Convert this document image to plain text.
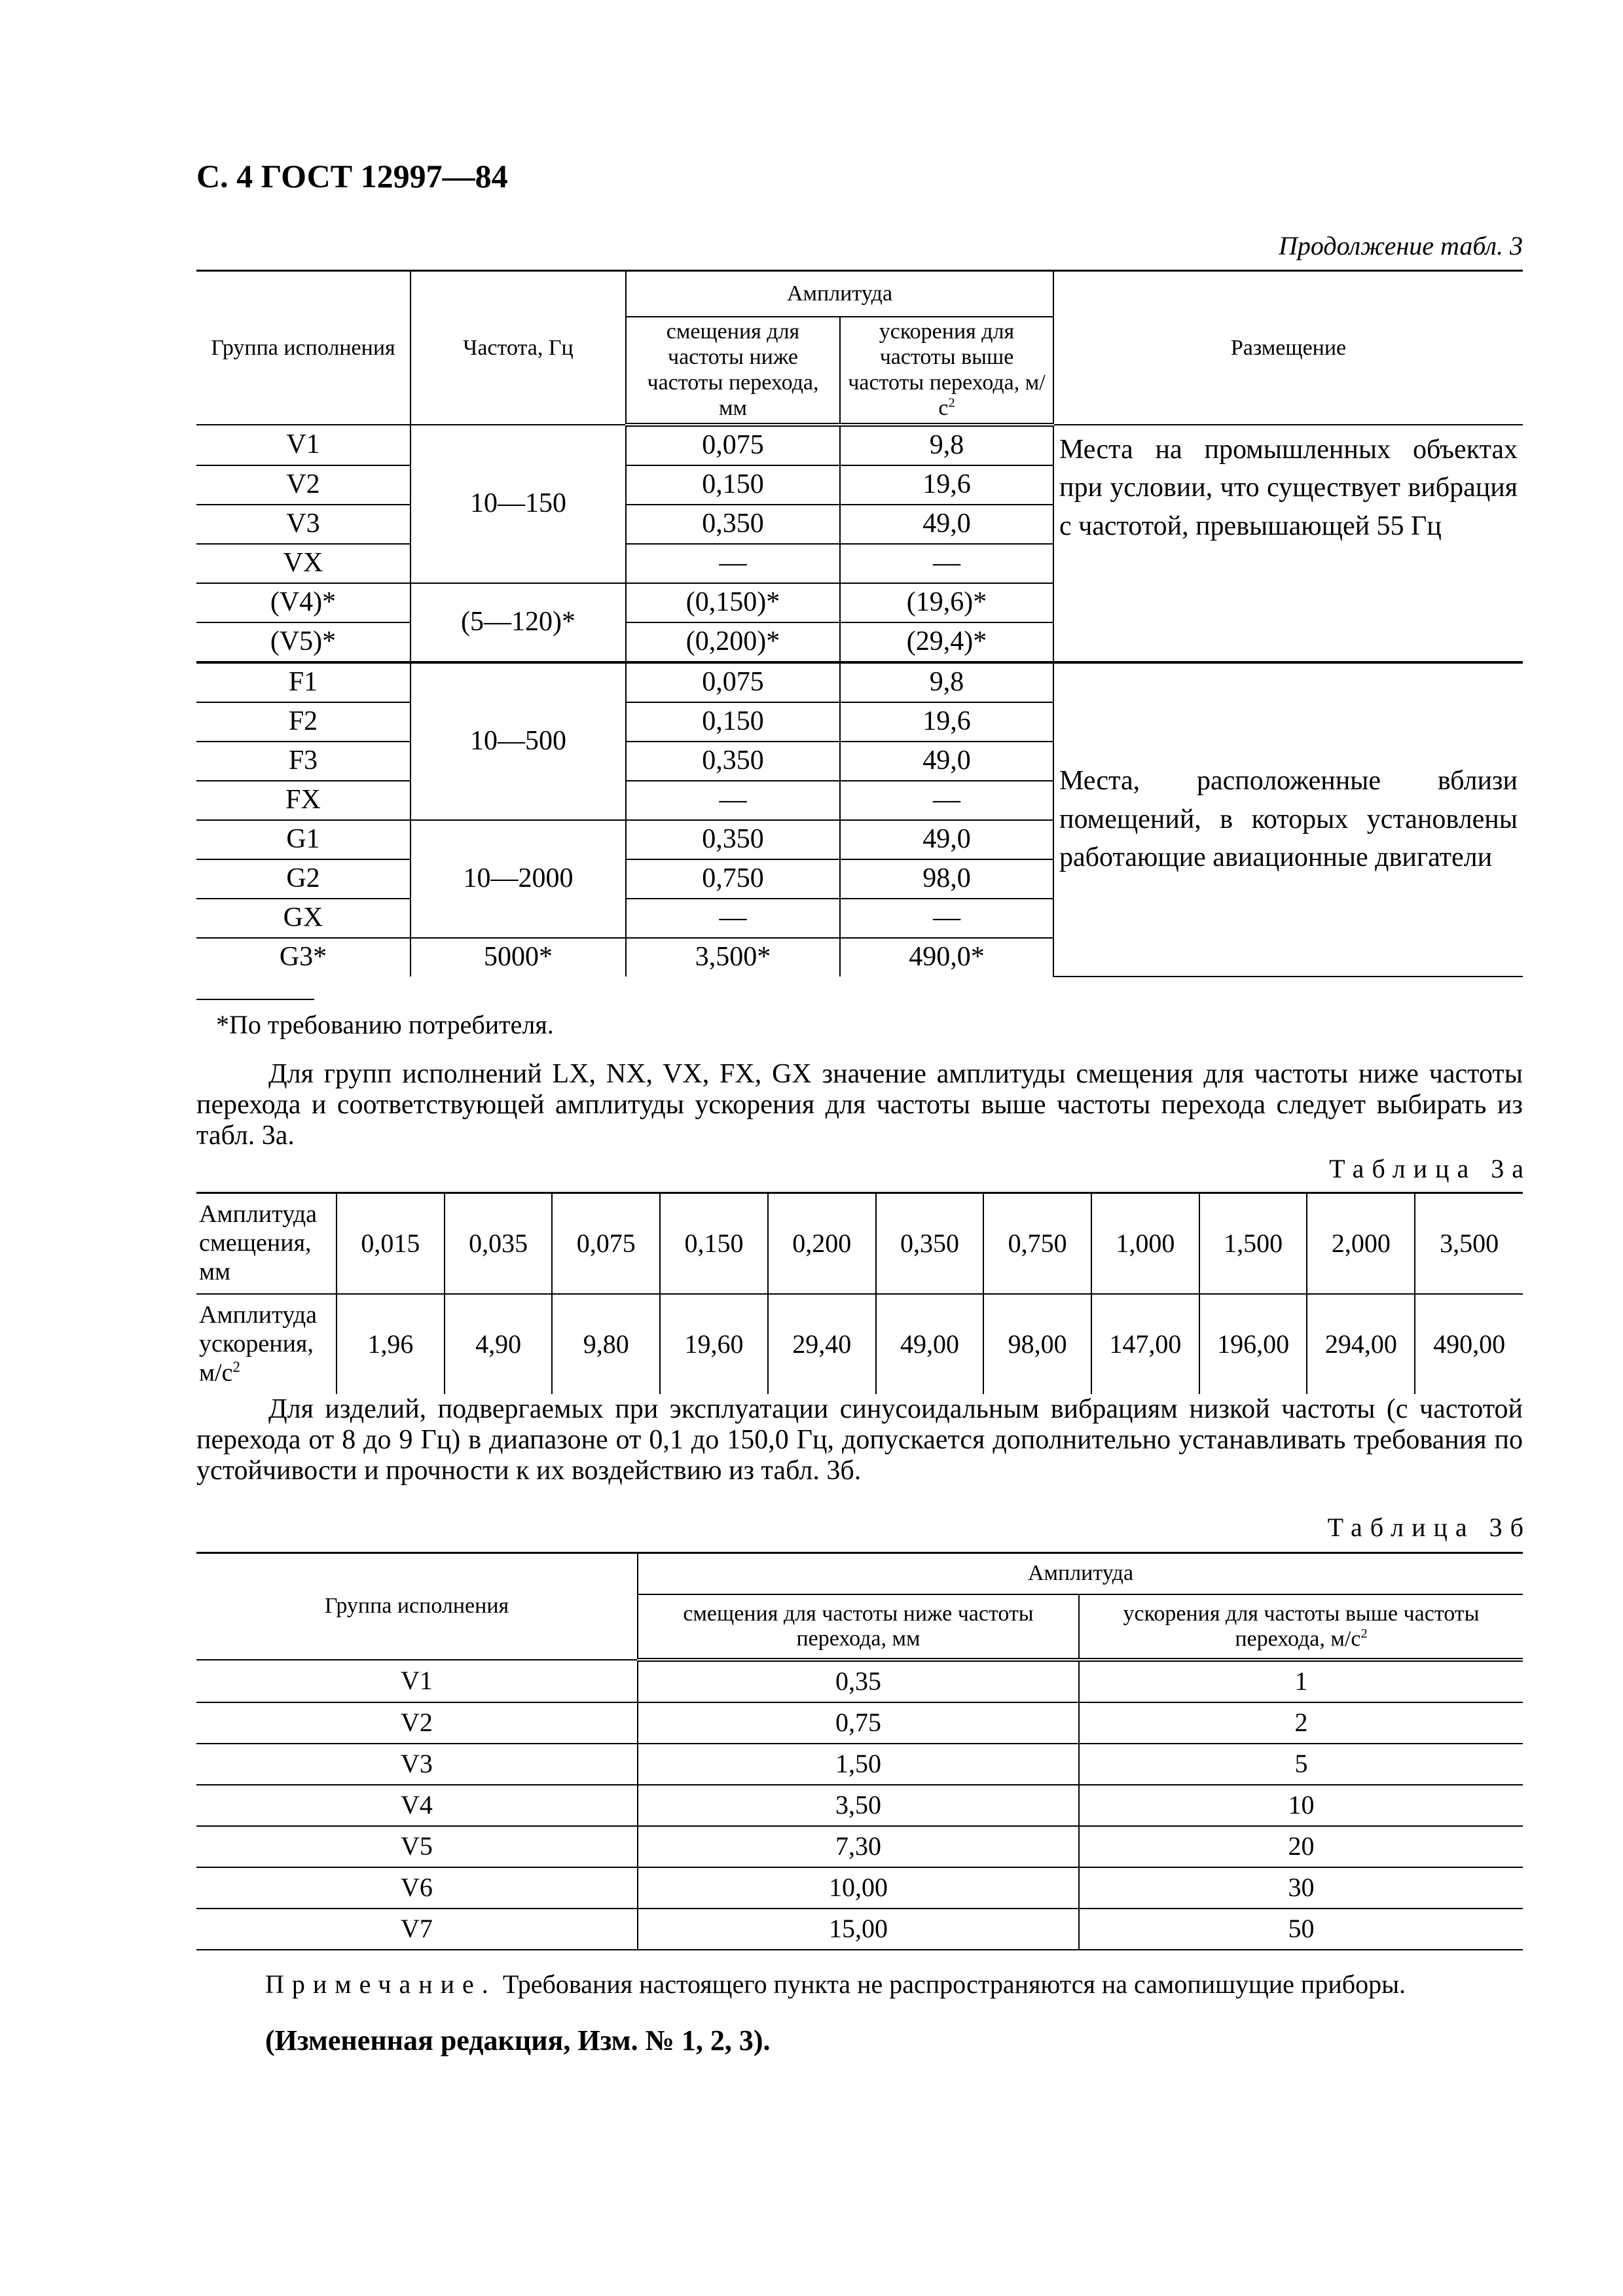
С. 4 ГОСТ 12997—84
Продолжение табл. 3
Группа исполнения	Частота, Гц	Амплитуда		Размещение
		смещения для частоты ниже частоты перехода, мм	ускорения для частоты выше частоты перехода, $м/с^2$
V1	10—150	0,075	9,8	Места на промышленных объектах при условии, что существует вибрация с частотой, превышающей 55 Гц
V2		0,150	19,6	
V3		0,350	49,0	
VX		—	—	
(V4)*	(5—120)*	(0,150)*	(19,6)*	
(V5)*		(0,200)*	(29,4)*	
F1	10—500	0,075	9,8	Места, расположенные вблизи помещений, в которых установлены работающие авиационные двигатели
F2		0,150	19,6	
F3		0,350	49,0	
FX		—	—	
G1	10—2000	0,350	49,0	
G2		0,750	98,0	
GX		—	—	
G3*	5000*	3,500*	490,0*	
*По требованию потребителя.
Для групп исполнений LX, NX, VX, FX, GX значение амплитуды смещения для частоты ниже частоты перехода и соответствующей амплитуды ускорения для частоты выше частоты перехода следует выбирать из табл. 3а.
Таблица 3а
Амплитуда смещения, мм	0,015	0,035	0,075	0,150	0,200	0,350	0,750	1,000	1,500	2,000	3,500
Амплитуда ускорения, $м/с^2$	1,96	4,90	9,80	19,60	29,40	49,00	98,00	147,00	196,00	294,00	490,00
Для изделий, подвергаемых при эксплуатации синусоидальным вибрациям низкой частоты (с частотой перехода от 8 до 9 Гц) в диапазоне от 0,1 до 150,0 Гц, допускается дополнительно устанавливать требования по устойчивости и прочности к их воздействию из табл. 3б.
Таблица 3б
Группа исполнения	Амплитуда	
	смещения для частоты ниже частоты перехода, мм	ускорения для частоты выше частоты перехода, $м/с^2$
V1	0,35	1
V2	0,75	2
V3	1,50	5
V4	3,50	10
V5	7,30	20
V6	10,00	30
V7	15,00	50
Примечание. Требования настоящего пункта не распространяются на самопишущие приборы.
(Измененная редакция, Изм. № 1, 2, 3).
